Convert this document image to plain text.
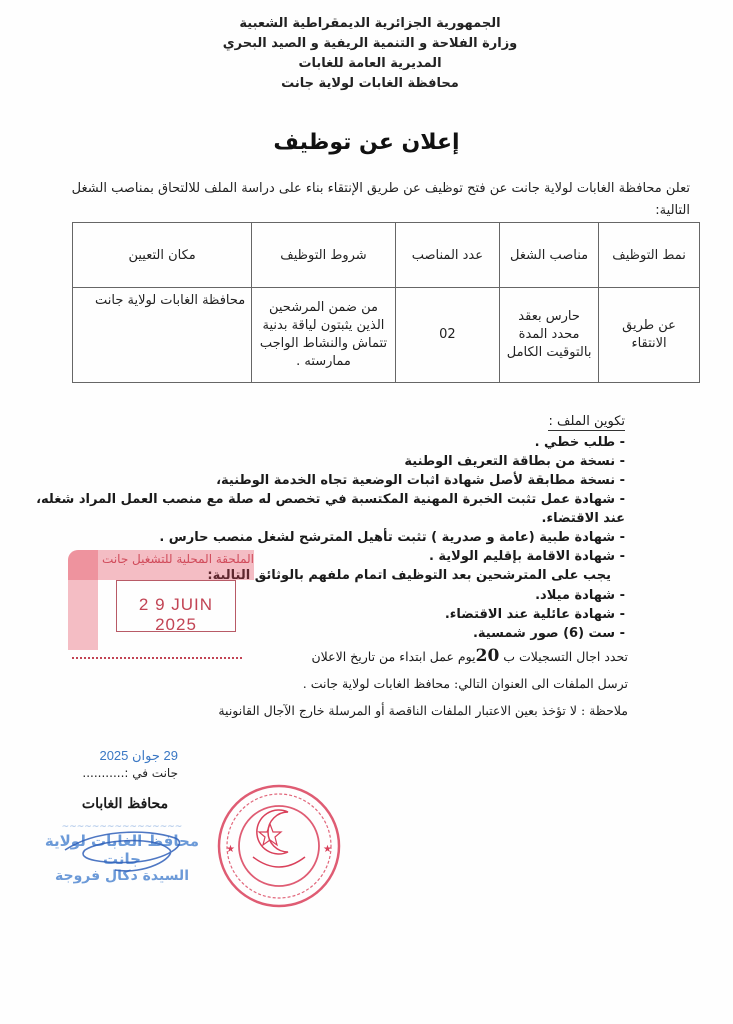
الجمهورية الجزائرية الديمقراطية الشعبية
وزارة الفلاحة و التنمية الريفية و الصيد البحري
المديرية العامة للغابات
محافظة الغابات لولاية جانت
إعلان عن توظيف
تعلن محافظة الغابات لولاية جانت عن فتح توظيف عن طريق الإنتقاء بناء على دراسة الملف للالتحاق بمناصب الشغل التالية:
نمط التوظيف	مناصب الشغل	عدد المناصب	شروط التوظيف	مكان التعيين
عن طريق الانتقاء	حارس بعقد محدد المدة بالتوقيت الكامل	02	من ضمن المرشحين الذين يثبتون لياقة بدنية تتماش والنشاط الواجب ممارسته .	محافظة الغابات لولاية جانت
تكوين الملف :
- طلب خطي .
- نسخة من بطاقة التعريف الوطنية
- نسخة مطابقة لأصل شهادة اثبات الوضعية تجاه الخدمة الوطنية،
- شهادة عمل تثبت الخبرة المهنية المكتسبة في تخصص له صلة مع منصب العمل المراد شغله، عند الاقتضاء.
- شهادة طبية (عامة و صدرية ) تثبت تأهيل المترشح لشغل منصب حارس .
- شهادة الاقامة بإقليم الولاية .
يجب على المترشحين بعد التوظيف اتمام ملفهم بالوثائق التالية:
- شهادة ميلاد.
- شهادة عائلية عند الاقتضاء.
- ست (6) صور شمسية.
تحدد اجال التسجيلات ب 20يوم عمل ابتداء من تاريخ الاعلان
ترسل الملفات الى العنوان التالي: محافظ الغابات لولاية جانت .
ملاحظة : لا تؤخذ بعين الاعتبار الملفات الناقصة أو المرسلة خارج الآجال القانونية
الملحقة المحلية للتشغيل جانت
2 9 JUIN 2025
29 جوان 2025
جانت في :...........
محافظ الغابات
~~~~~~~~~~~~~~~~
محافظ الغابات لولاية جانت
السيدة دكال فروجة
★	★
